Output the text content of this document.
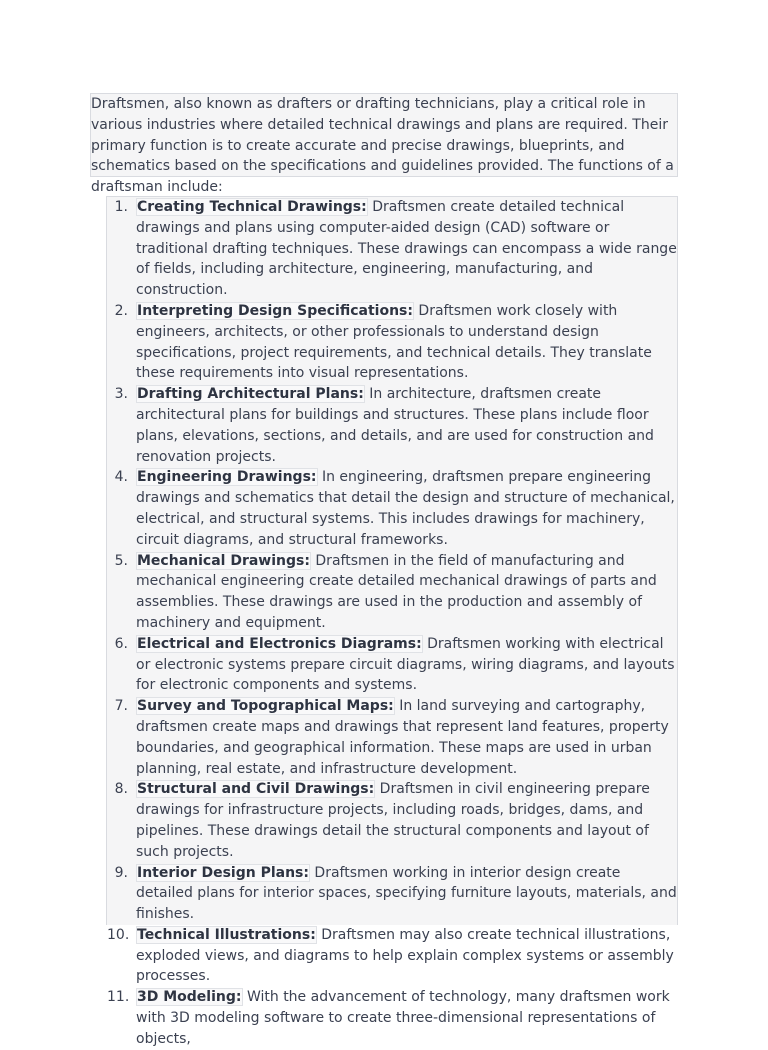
Draftsmen, also known as drafters or drafting technicians, play a critical role in various industries where detailed technical drawings and plans are required. Their primary function is to create accurate and precise drawings, blueprints, and schematics based on the specifications and guidelines provided. The functions of a draftsman include:

1. Creating Technical Drawings: Draftsmen create detailed technical drawings and plans using computer-aided design (CAD) software or traditional drafting techniques. These drawings can encompass a wide range of fields, including architecture, engineering, manufacturing, and construction.
2. Interpreting Design Specifications: Draftsmen work closely with engineers, architects, or other professionals to understand design specifications, project requirements, and technical details. They translate these requirements into visual representations.
3. Drafting Architectural Plans: In architecture, draftsmen create architectural plans for buildings and structures. These plans include floor plans, elevations, sections, and details, and are used for construction and renovation projects.
4. Engineering Drawings: In engineering, draftsmen prepare engineering drawings and schematics that detail the design and structure of mechanical, electrical, and structural systems. This includes drawings for machinery, circuit diagrams, and structural frameworks.
5. Mechanical Drawings: Draftsmen in the field of manufacturing and mechanical engineering create detailed mechanical drawings of parts and assemblies. These drawings are used in the production and assembly of machinery and equipment.
6. Electrical and Electronics Diagrams: Draftsmen working with electrical or electronic systems prepare circuit diagrams, wiring diagrams, and layouts for electronic components and systems.
7. Survey and Topographical Maps: In land surveying and cartography, draftsmen create maps and drawings that represent land features, property boundaries, and geographical information. These maps are used in urban planning, real estate, and infrastructure development.
8. Structural and Civil Drawings: Draftsmen in civil engineering prepare drawings for infrastructure projects, including roads, bridges, dams, and pipelines. These drawings detail the structural components and layout of such projects.
9. Interior Design Plans: Draftsmen working in interior design create detailed plans for interior spaces, specifying furniture layouts, materials, and finishes.
10. Technical Illustrations: Draftsmen may also create technical illustrations, exploded views, and diagrams to help explain complex systems or assembly processes.
11. 3D Modeling: With the advancement of technology, many draftsmen work with 3D modeling software to create three-dimensional representations of objects,
